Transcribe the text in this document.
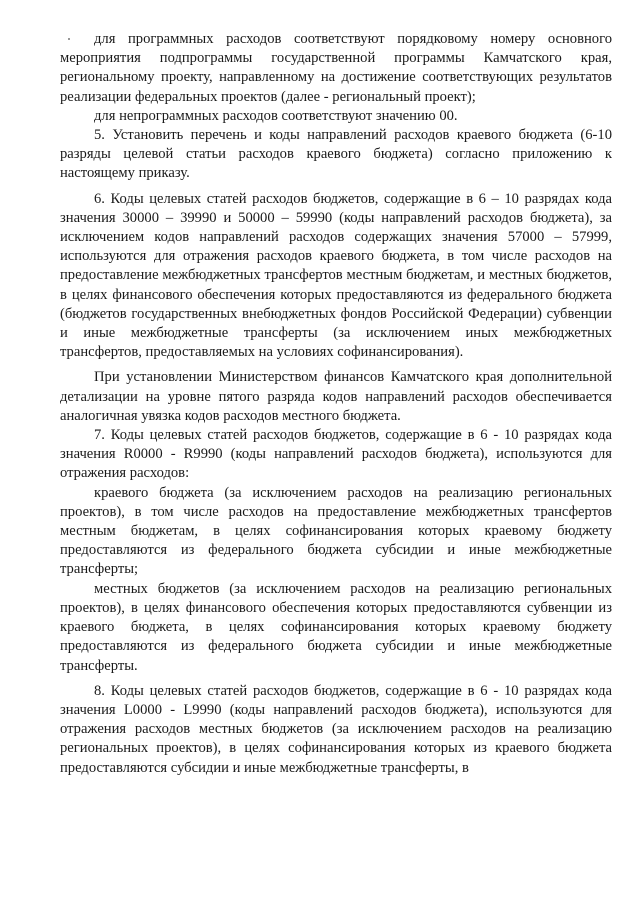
для программных расходов соответствуют порядковому номеру основного мероприятия подпрограммы государственной программы Камчатского края, региональному проекту, направленному на достижение соответствующих результатов реализации федеральных проектов (далее - региональный проект);

для непрограммных расходов соответствуют значению 00.

5. Установить перечень и коды направлений расходов краевого бюджета (6-10 разряды целевой статьи расходов краевого бюджета) согласно приложению к настоящему приказу.

6. Коды целевых статей расходов бюджетов, содержащие в 6 – 10 разрядах кода значения 30000 – 39990 и 50000 – 59990 (коды направлений расходов бюджета), за исключением кодов направлений расходов содержащих значения 57000 – 57999, используются для отражения расходов краевого бюджета, в том числе расходов на предоставление межбюджетных трансфертов местным бюджетам, и местных бюджетов, в целях финансового обеспечения которых предоставляются из федерального бюджета (бюджетов государственных внебюджетных фондов Российской Федерации) субвенции и иные межбюджетные трансферты (за исключением иных межбюджетных трансфертов, предоставляемых на условиях софинансирования).

При установлении Министерством финансов Камчатского края дополнительной детализации на уровне пятого разряда кодов направлений расходов обеспечивается аналогичная увязка кодов расходов местного бюджета.

7. Коды целевых статей расходов бюджетов, содержащие в 6 - 10 разрядах кода значения R0000 - R9990 (коды направлений расходов бюджета), используются для отражения расходов:

краевого бюджета (за исключением расходов на реализацию региональных проектов), в том числе расходов на предоставление межбюджетных трансфертов местным бюджетам, в целях софинансирования которых краевому бюджету предоставляются из федерального бюджета субсидии и иные межбюджетные трансферты;

местных бюджетов (за исключением расходов на реализацию региональных проектов), в целях финансового обеспечения которых предоставляются субвенции из краевого бюджета, в целях софинансирования которых краевому бюджету предоставляются из федерального бюджета субсидии и иные межбюджетные трансферты.

8. Коды целевых статей расходов бюджетов, содержащие в 6 - 10 разрядах кода значения L0000 - L9990 (коды направлений расходов бюджета), используются для отражения расходов местных бюджетов (за исключением расходов на реализацию региональных проектов), в целях софинансирования которых из краевого бюджета предоставляются субсидии и иные межбюджетные трансферты, в
